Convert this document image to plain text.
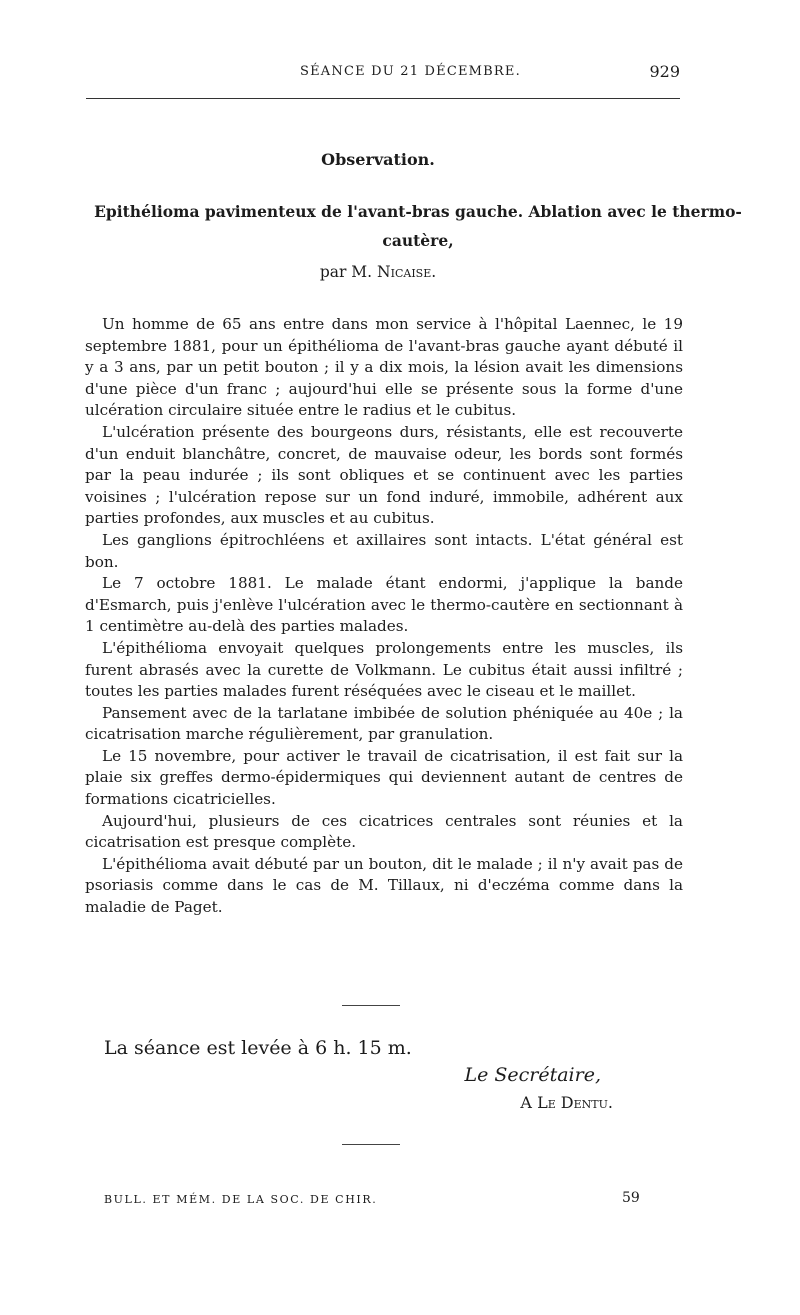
SÉANCE DU 21 DÉCEMBRE.	929
Observation.
Epithélioma pavimenteux de l'avant-bras gauche. Ablation avec le thermo-cautère,
par M. Nicaise.

Un homme de 65 ans entre dans mon service à l'hôpital Laennec, le 19 septembre 1881, pour un épithélioma de l'avant-bras gauche ayant débuté il y a 3 ans, par un petit bouton ; il y a dix mois, la lésion avait les dimensions d'une pièce d'un franc ; aujourd'hui elle se présente sous la forme d'une ulcération circulaire située entre le radius et le cubitus.

L'ulcération présente des bourgeons durs, résistants, elle est recouverte d'un enduit blanchâtre, concret, de mauvaise odeur, les bords sont formés par la peau indurée ; ils sont obliques et se continuent avec les parties voisines ; l'ulcération repose sur un fond induré, immobile, adhérent aux parties profondes, aux muscles et au cubitus.

Les ganglions épitrochléens et axillaires sont intacts. L'état général est bon.

Le 7 octobre 1881. Le malade étant endormi, j'applique la bande d'Esmarch, puis j'enlève l'ulcération avec le thermo-cautère en sectionnant à 1 centimètre au-delà des parties malades.

L'épithélioma envoyait quelques prolongements entre les muscles, ils furent abrasés avec la curette de Volkmann. Le cubitus était aussi infiltré ; toutes les parties malades furent réséquées avec le ciseau et le maillet.

Pansement avec de la tarlatane imbibée de solution phéniquée au 40e ; la cicatrisation marche régulièrement, par granulation.

Le 15 novembre, pour activer le travail de cicatrisation, il est fait sur la plaie six greffes dermo-épidermiques qui deviennent autant de centres de formations cicatricielles.

Aujourd'hui, plusieurs de ces cicatrices centrales sont réunies et la cicatrisation est presque complète.

L'épithélioma avait débuté par un bouton, dit le malade ; il n'y avait pas de psoriasis comme dans le cas de M. Tillaux, ni d'eczéma comme dans la maladie de Paget.

La séance est levée à 6 h. 15 m.
Le Secrétaire,
A Le Dentu.
BULL. ET MÉM. DE LA SOC. DE CHIR.	59
